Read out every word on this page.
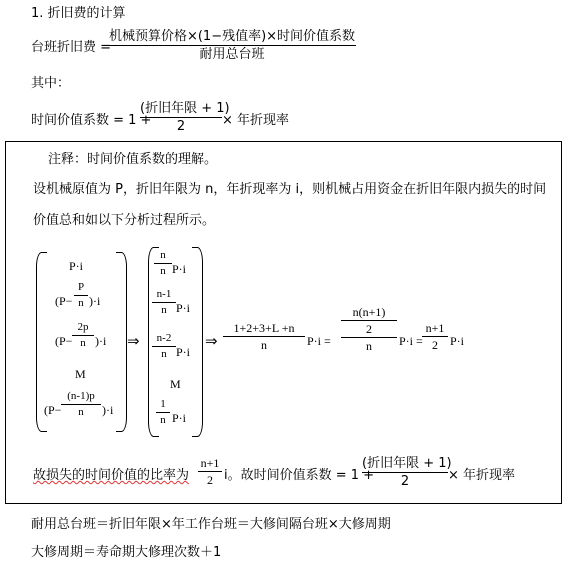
1. 折旧费的计算
台班折旧费 =
机械预算价格×(1−残值率)×时间价值系数
耐用总台班
其中：
时间价值系数 = 1 +
(折旧年限 + 1)
2	× 年折现率
注释：时间价值系数的理解。
设机械原值为 P，折旧年限为 n，年折现率为 i，则机械占用资金在折旧年限内损失的时间
价值总和如以下分析过程所示。
P·i
(P−
P
n )·i
(P−
2p
n )·i
M
(P−
(n-1)p
n	)·i
⇒
n
n P·i
n-1
n P·i
n-2
n P·i
M
1
n P·i
⇒
1+2+3+L +n
n	P·i =
$\frac{n(n+1)}{2}$
n	P·i =
n+1
2	P·i
故损失的时间价值的比率为
n+1
2 i。故时间价值系数 = 1 +
(折旧年限 + 1)
2	× 年折现率
耐用总台班＝折旧年限×年工作台班＝大修间隔台班×大修周期
大修周期＝寿命期大修理次数＋1
